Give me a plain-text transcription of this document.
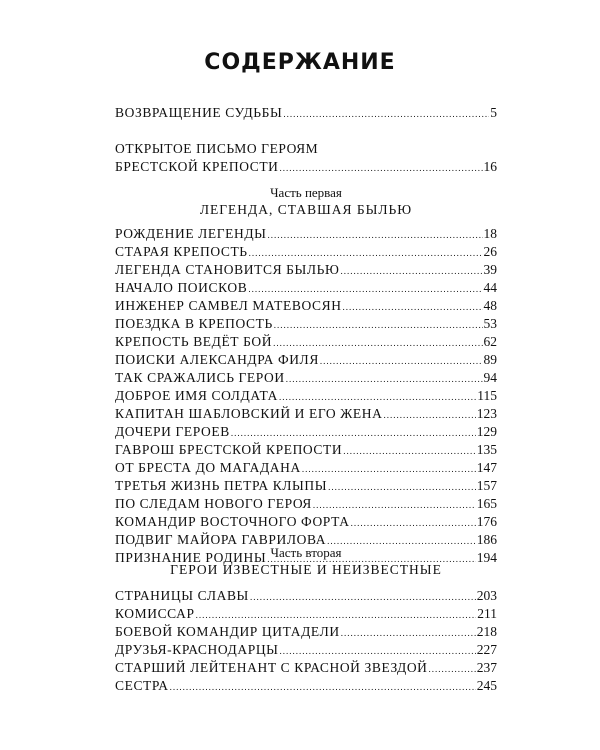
СОДЕРЖАНИЕ
ВОЗВРАЩЕНИЕ СУДЬБЫ .....	5
ОТКРЫТОЕ ПИСЬМО ГЕРОЯМ
БРЕСТСКОЙ КРЕПОСТИ .....	16
Часть первая
ЛЕГЕНДА, СТАВШАЯ БЫЛЬЮ
РОЖДЕНИЕ ЛЕГЕНДЫ .....	18
СТАРАЯ КРЕПОСТЬ .....	26
ЛЕГЕНДА СТАНОВИТСЯ БЫЛЬЮ .....	39
НАЧАЛО ПОИСКОВ .....	44
ИНЖЕНЕР САМВЕЛ МАТЕВОСЯН .....	48
ПОЕЗДКА В КРЕПОСТЬ .....	53
КРЕПОСТЬ ВЕДЁТ БОЙ .....	62
ПОИСКИ АЛЕКСАНДРА ФИЛЯ .....	89
ТАК СРАЖАЛИСЬ ГЕРОИ .....	94
ДОБРОЕ ИМЯ СОЛДАТА .....	115
КАПИТАН ШАБЛОВСКИЙ И ЕГО ЖЕНА .....	123
ДОЧЕРИ ГЕРОЕВ .....	129
ГАВРОШ БРЕСТСКОЙ КРЕПОСТИ .....	135
ОТ БРЕСТА ДО МАГАДАНА .....	147
ТРЕТЬЯ ЖИЗНЬ ПЕТРА КЛЫПЫ .....	157
ПО СЛЕДАМ НОВОГО ГЕРОЯ .....	165
КОМАНДИР ВОСТОЧНОГО ФОРТА .....	176
ПОДВИГ МАЙОРА ГАВРИЛОВА .....	186
ПРИЗНАНИЕ РОДИНЫ .....	194
Часть вторая
ГЕРОИ ИЗВЕСТНЫЕ И НЕИЗВЕСТНЫЕ
СТРАНИЦЫ СЛАВЫ .....	203
КОМИССАР .....	211
БОЕВОЙ КОМАНДИР ЦИТАДЕЛИ .....	218
ДРУЗЬЯ-КРАСНОДАРЦЫ .....	227
СТАРШИЙ ЛЕЙТЕНАНТ С КРАСНОЙ ЗВЕЗДОЙ .....	237
СЕСТРА .....	245
